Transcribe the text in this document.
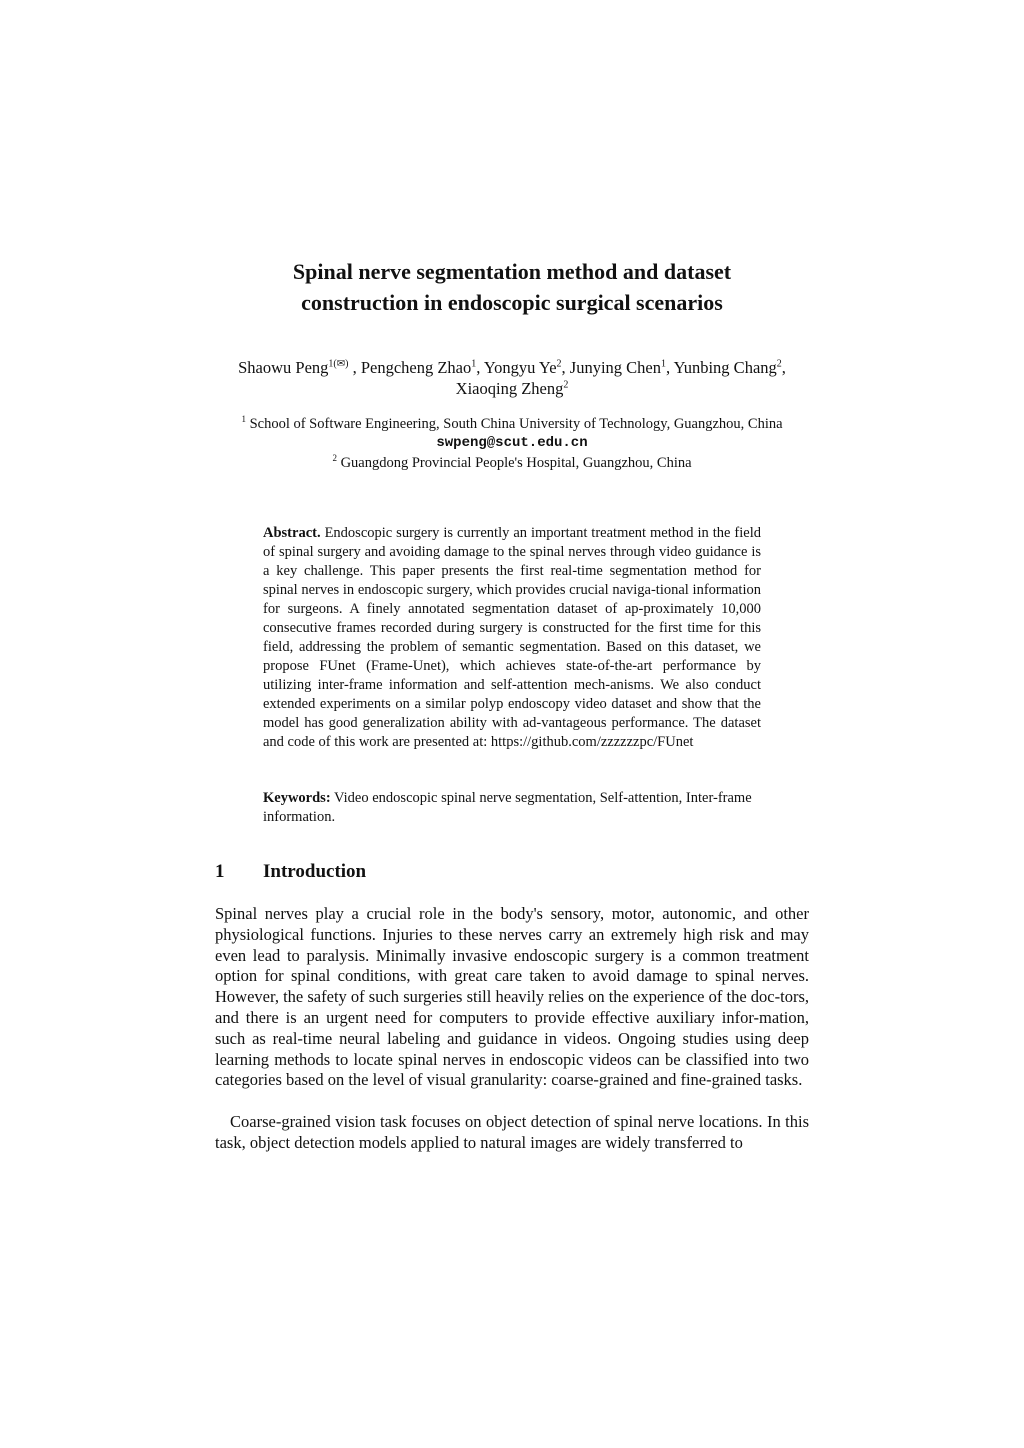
Spinal nerve segmentation method and dataset
construction in endoscopic surgical scenarios
Shaowu Peng$^{1(✉)}$ , Pengcheng Zhao$^1$, Yongyu Ye$^2$, Junying Chen$^1$, Yunbing Chang$^2$,
Xiaoqing Zheng$^2$
$^1$ School of Software Engineering, South China University of Technology, Guangzhou, China
swpeng@scut.edu.cn
$^2$ Guangdong Provincial People's Hospital, Guangzhou, China
Abstract. Endoscopic surgery is currently an important treatment method in the field of spinal surgery and avoiding damage to the spinal nerves through video guidance is a key challenge. This paper presents the first real-time segmentation method for spinal nerves in endoscopic surgery, which provides crucial naviga-tional information for surgeons. A finely annotated segmentation dataset of ap-proximately 10,000 consecutive frames recorded during surgery is constructed for the first time for this field, addressing the problem of semantic segmentation. Based on this dataset, we propose FUnet (Frame-Unet), which achieves state-of-the-art performance by utilizing inter-frame information and self-attention mech-anisms. We also conduct extended experiments on a similar polyp endoscopy video dataset and show that the model has good generalization ability with ad-vantageous performance. The dataset and code of this work are presented at: https://github.com/zzzzzzpc/FUnet
Keywords: Video endoscopic spinal nerve segmentation, Self-attention, Inter-frame information.
1 Introduction
Spinal nerves play a crucial role in the body's sensory, motor, autonomic, and other physiological functions. Injuries to these nerves carry an extremely high risk and may even lead to paralysis. Minimally invasive endoscopic surgery is a common treatment option for spinal conditions, with great care taken to avoid damage to spinal nerves. However, the safety of such surgeries still heavily relies on the experience of the doc-tors, and there is an urgent need for computers to provide effective auxiliary infor-mation, such as real-time neural labeling and guidance in videos. Ongoing studies using deep learning methods to locate spinal nerves in endoscopic videos can be classified into two categories based on the level of visual granularity: coarse-grained and fine-grained tasks.
Coarse-grained vision task focuses on object detection of spinal nerve locations. In this task, object detection models applied to natural images are widely transferred to
